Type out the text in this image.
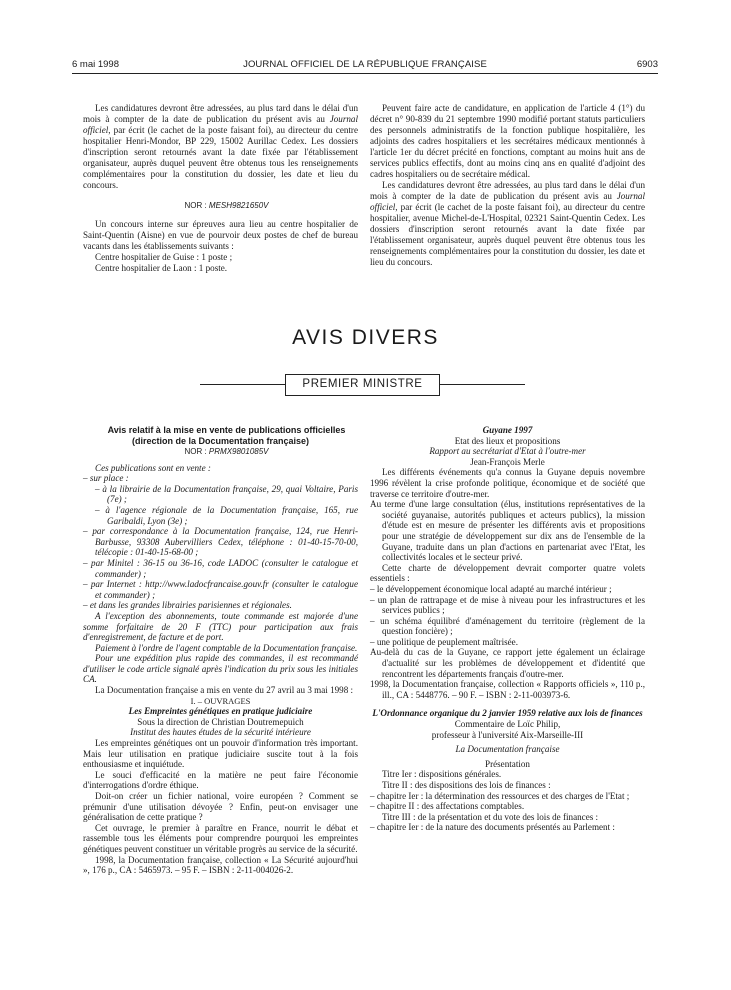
6 mai 1998	JOURNAL OFFICIEL DE LA RÉPUBLIQUE FRANÇAISE	6903

Les candidatures devront être adressées, au plus tard dans le délai d'un mois à compter de la date de publication du présent avis au Journal officiel, par écrit (le cachet de la poste faisant foi), au directeur du centre hospitalier Henri-Mondor, BP 229, 15002 Aurillac Cedex. Les dossiers d'inscription seront retournés avant la date fixée par l'établissement organisateur, auprès duquel peuvent être obtenus tous les renseignements complémentaires pour la constitution du dossier, les date et lieu du concours.

NOR : MESH9821650V

Un concours interne sur épreuves aura lieu au centre hospitalier de Saint-Quentin (Aisne) en vue de pourvoir deux postes de chef de bureau vacants dans les établissements suivants :

Centre hospitalier de Guise : 1 poste ;

Centre hospitalier de Laon : 1 poste.

Peuvent faire acte de candidature, en application de l'article 4 (1°) du décret n° 90-839 du 21 septembre 1990 modifié portant statuts particuliers des personnels administratifs de la fonction publique hospitalière, les adjoints des cadres hospitaliers et les secrétaires médicaux mentionnés à l'article 1er du décret précité en fonctions, comptant au moins huit ans de services publics effectifs, dont au moins cinq ans en qualité d'adjoint des cadres hospitaliers ou de secrétaire médical.

Les candidatures devront être adressées, au plus tard dans le délai d'un mois à compter de la date de publication du présent avis au Journal officiel, par écrit (le cachet de la poste faisant foi), au directeur du centre hospitalier, avenue Michel-de-L'Hospital, 02321 Saint-Quentin Cedex. Les dossiers d'inscription seront retournés avant la date fixée par l'établissement organisateur, auprès duquel peuvent être obtenus tous les renseignements complémentaires pour la constitution du dossier, les date et lieu du concours.

AVIS DIVERS
PREMIER MINISTRE

Avis relatif à la mise en vente de publications officielles (direction de la Documentation française)

NOR : PRMX9801085V

Ces publications sont en vente :

– sur place :

– à la librairie de la Documentation française, 29, quai Voltaire, Paris (7e) ;

– à l'agence régionale de la Documentation française, 165, rue Garibaldi, Lyon (3e) ;

– par correspondance à la Documentation française, 124, rue Henri-Barbusse, 93308 Aubervilliers Cedex, téléphone : 01-40-15-70-00, télécopie : 01-40-15-68-00 ;

– par Minitel : 36-15 ou 36-16, code LADOC (consulter le catalogue et commander) ;

– par Internet : http://www.ladocfrancaise.gouv.fr (consulter le catalogue et commander) ;

– et dans les grandes librairies parisiennes et régionales.

A l'exception des abonnements, toute commande est majorée d'une somme forfaitaire de 20 F (TTC) pour participation aux frais d'enregistrement, de facture et de port.

Paiement à l'ordre de l'agent comptable de la Documentation française.

Pour une expédition plus rapide des commandes, il est recommandé d'utiliser le code article signalé après l'indication du prix sous les initiales CA.

La Documentation française a mis en vente du 27 avril au 3 mai 1998 :

I. – OUVRAGES

Les Empreintes génétiques en pratique judiciaire

Sous la direction de Christian Doutremepuich

Institut des hautes études de la sécurité intérieure

Les empreintes génétiques ont un pouvoir d'information très important. Mais leur utilisation en pratique judiciaire suscite tout à la fois enthousiasme et inquiétude.

Le souci d'efficacité en la matière ne peut faire l'économie d'interrogations d'ordre éthique.

Doit-on créer un fichier national, voire européen ? Comment se prémunir d'une utilisation dévoyée ? Enfin, peut-on envisager une généralisation de cette pratique ?

Cet ouvrage, le premier à paraître en France, nourrit le débat et rassemble tous les éléments pour comprendre pourquoi les empreintes génétiques peuvent constituer un véritable progrès au service de la sécurité.

1998, la Documentation française, collection « La Sécurité aujourd'hui », 176 p., CA : 5465973. – 95 F. – ISBN : 2-11-004026-2.

Guyane 1997

Etat des lieux et propositions

Rapport au secrétariat d'Etat à l'outre-mer

Jean-François Merle

Les différents événements qu'a connus la Guyane depuis novembre 1996 révèlent la crise profonde politique, économique et de société que traverse ce territoire d'outre-mer.

Au terme d'une large consultation (élus, institutions représentatives de la société guyanaise, autorités publiques et acteurs publics), la mission d'étude est en mesure de présenter les différents avis et propositions pour une stratégie de développement sur dix ans de l'ensemble de la Guyane, traduite dans un plan d'actions en partenariat avec l'Etat, les collectivités locales et le secteur privé.

Cette charte de développement devrait comporter quatre volets essentiels :

– le développement économique local adapté au marché intérieur ;

– un plan de rattrapage et de mise à niveau pour les infrastructures et les services publics ;

– un schéma équilibré d'aménagement du territoire (règlement de la question foncière) ;

– une politique de peuplement maîtrisée.

Au-delà du cas de la Guyane, ce rapport jette également un éclairage d'actualité sur les problèmes de développement et d'identité que rencontrent les départements français d'outre-mer.

1998, la Documentation française, collection « Rapports officiels », 110 p., ill., CA : 5448776. – 90 F. – ISBN : 2-11-003973-6.

L'Ordonnance organique du 2 janvier 1959 relative aux lois de finances

Commentaire de Loïc Philip,

professeur à l'université Aix-Marseille-III

La Documentation française

Présentation

Titre Ier : dispositions générales.

Titre II : des dispositions des lois de finances :

– chapitre Ier : la détermination des ressources et des charges de l'Etat ;

– chapitre II : des affectations comptables.

Titre III : de la présentation et du vote des lois de finances :

– chapitre Ier : de la nature des documents présentés au Parlement :
